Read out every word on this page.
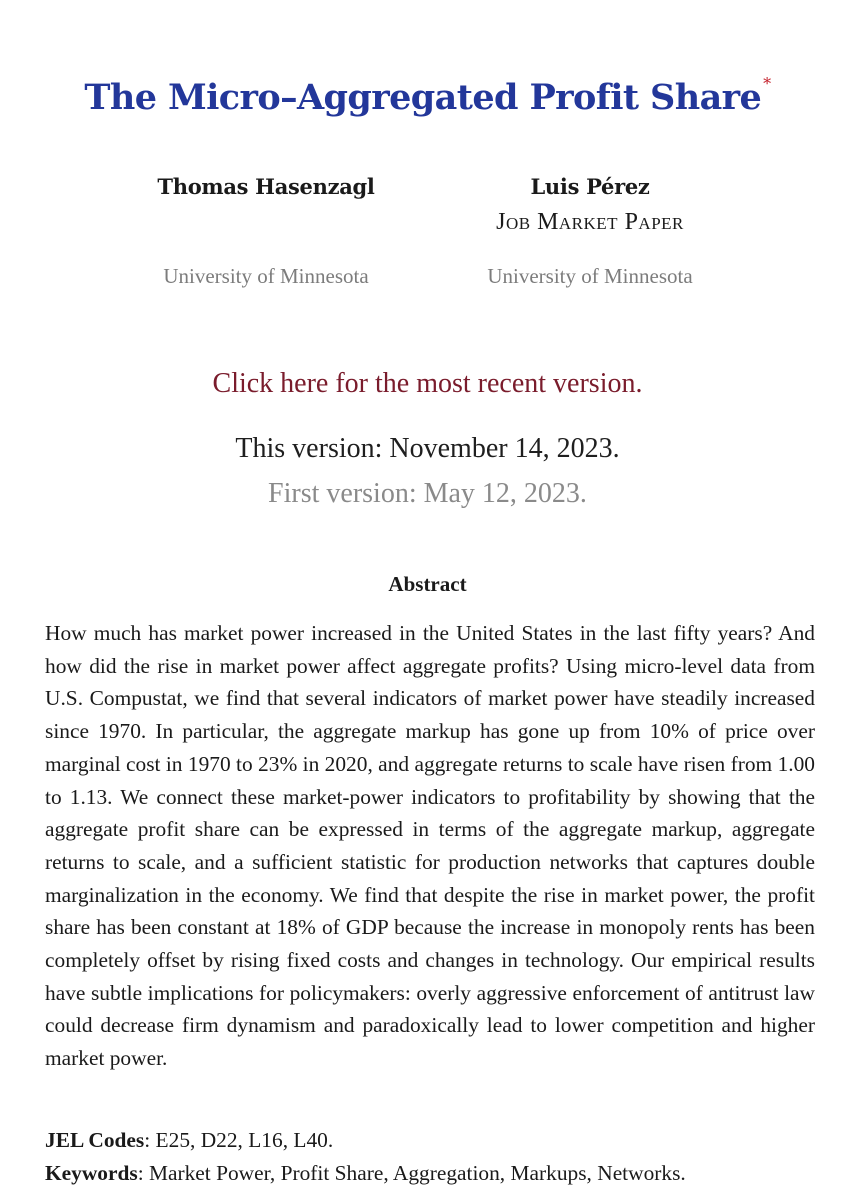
The Micro–Aggregated Profit Share *
Thomas Hasenzagl
University of Minnesota
Luis Pérez
Job Market Paper
University of Minnesota
Click here for the most recent version.
This version: November 14, 2023.
First version: May 12, 2023.
Abstract
How much has market power increased in the United States in the last fifty years? And how did the rise in market power affect aggregate profits? Using micro-level data from U.S. Compustat, we find that several indicators of market power have steadily increased since 1970. In particular, the aggregate markup has gone up from 10% of price over marginal cost in 1970 to 23% in 2020, and aggregate returns to scale have risen from 1.00 to 1.13. We connect these market-power indicators to profitability by showing that the aggregate profit share can be expressed in terms of the aggregate markup, aggregate returns to scale, and a sufficient statistic for production networks that captures double marginalization in the economy. We find that despite the rise in market power, the profit share has been constant at 18% of GDP because the increase in monopoly rents has been completely offset by rising fixed costs and changes in technology. Our empirical results have subtle implications for policymakers: overly aggressive enforcement of antitrust law could decrease firm dynamism and paradoxically lead to lower competition and higher market power.
JEL Codes: E25, D22, L16, L40.
Keywords: Market Power, Profit Share, Aggregation, Markups, Networks.
